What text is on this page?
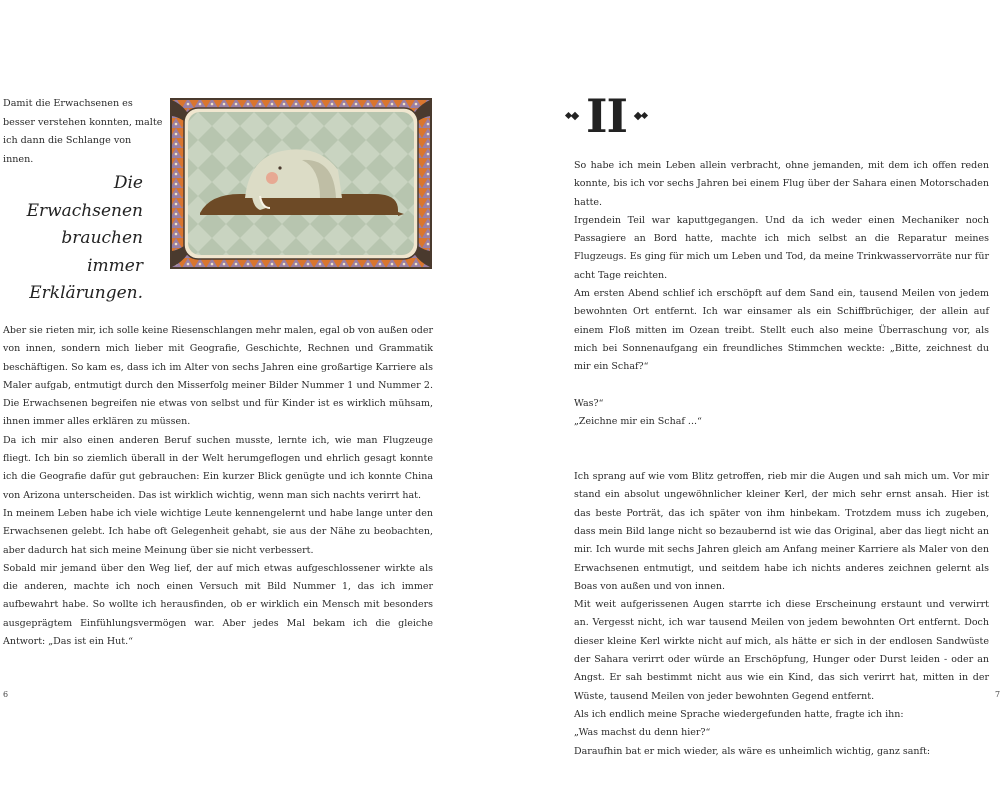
Damit die Erwachsenen es besser verstehen konnten, malte ich dann die Schlange von innen.

Die Erwachsenen
brauchen immer
Erklärungen.

Aber sie rieten mir, ich solle keine Riesenschlangen mehr malen, egal ob von außen oder von innen, sondern mich lieber mit Geografie, Geschichte, Rechnen und Grammatik beschäftigen. So kam es, dass ich im Alter von sechs Jahren eine großartige Karriere als Maler aufgab, entmutigt durch den Misserfolg meiner Bilder Nummer 1 und Nummer 2. Die Erwachsenen begreifen nie etwas von selbst und für Kinder ist es wirklich mühsam, ihnen immer alles erklären zu müssen.

Da ich mir also einen anderen Beruf suchen musste, lernte ich, wie man Flugzeuge fliegt. Ich bin so ziemlich überall in der Welt herumgeflogen und ehrlich gesagt konnte ich die Geografie dafür gut gebrauchen: Ein kurzer Blick genügte und ich konnte China von Arizona unterscheiden. Das ist wirklich wichtig, wenn man sich nachts verirrt hat.

In meinem Leben habe ich viele wichtige Leute kennengelernt und habe lange unter den Erwachsenen gelebt. Ich habe oft Gelegenheit gehabt, sie aus der Nähe zu beobachten, aber dadurch hat sich meine Meinung über sie nicht verbessert.

Sobald mir jemand über den Weg lief, der auf mich etwas aufgeschlossener wirkte als die anderen, machte ich noch einen Versuch mit Bild Nummer 1, das ich immer aufbewahrt habe. So wollte ich herausfinden, ob er wirklich ein Mensch mit besonders ausgeprägtem Einfühlungsvermögen war. Aber jedes Mal bekam ich die gleiche Antwort: „Das ist ein Hut.“

6
II

So habe ich mein Leben allein verbracht, ohne jemanden, mit dem ich offen reden konnte, bis ich vor sechs Jahren bei einem Flug über der Sahara einen Motorschaden hatte.

Irgendein Teil war kaputtgegangen. Und da ich weder einen Mechaniker noch Passagiere an Bord hatte, machte ich mich selbst an die Reparatur meines Flugzeugs. Es ging für mich um Leben und Tod, da meine Trinkwasservorräte nur für acht Tage reichten.

Am ersten Abend schlief ich erschöpft auf dem Sand ein, tausend Meilen von jedem bewohnten Ort entfernt. Ich war einsamer als ein Schiffbrüchiger, der allein auf einem Floß mitten im Ozean treibt. Stellt euch also meine Überraschung vor, als mich bei Sonnenaufgang ein freundliches Stimmchen weckte: „Bitte, zeichnest du mir ein Schaf?“

Was?“

„Zeichne mir ein Schaf ...“

Ich sprang auf wie vom Blitz getroffen, rieb mir die Augen und sah mich um. Vor mir stand ein absolut ungewöhnlicher kleiner Kerl, der mich sehr ernst ansah. Hier ist das beste Porträt, das ich später von ihm hinbekam. Trotzdem muss ich zugeben, dass mein Bild lange nicht so bezaubernd ist wie das Original, aber das liegt nicht an mir. Ich wurde mit sechs Jahren gleich am Anfang meiner Karriere als Maler von den Erwachsenen entmutigt, und seitdem habe ich nichts anderes zeichnen gelernt als Boas von außen und von innen.

Mit weit aufgerissenen Augen starrte ich diese Erscheinung erstaunt und verwirrt an. Vergesst nicht, ich war tausend Meilen von jedem bewohnten Ort entfernt. Doch dieser kleine Kerl wirkte nicht auf mich, als hätte er sich in der endlosen Sandwüste der Sahara verirrt oder würde an Erschöpfung, Hunger oder Durst leiden - oder an Angst. Er sah bestimmt nicht aus wie ein Kind, das sich verirrt hat, mitten in der Wüste, tausend Meilen von jeder bewohnten Gegend entfernt.

Als ich endlich meine Sprache wiedergefunden hatte, fragte ich ihn:

„Was machst du denn hier?“

Daraufhin bat er mich wieder, als wäre es unheimlich wichtig, ganz sanft:

7
